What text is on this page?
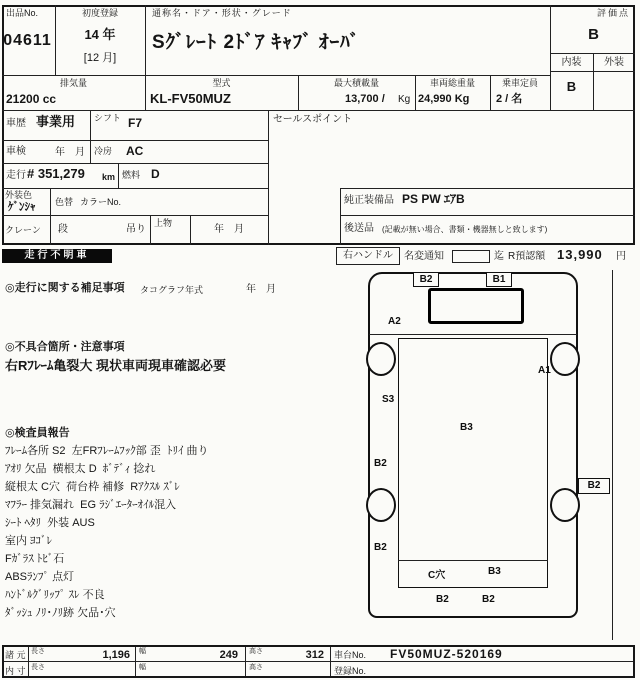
出品No.
04611
初度登録
14 年
[12 月]
通称名・ドア・形状・グレード
Sｸﾞﾚｰﾄ 2ﾄﾞｱ ｷｬﾌﾞ ｵｰﾊﾞ
評価点
B
内装	外装
B
排気量
21200 cc
型式
KL-FV50MUZ
最大積載量
13,700 / Kg
車両総重量
24,990 Kg
乗車定員
2 / 名
車歴 事業用 シフト F7
車検	年　月 冷房 AC
走行 # 351,279 km 燃料 D
外装色
ｹﾞﾝｼｬ 色替 カラーNo.
クレーン 段	吊り
上物
年　月
セールスポイント
純正装備品 PS PW ｴｱB
後送品 (記載が無い場合、書類・機器無しと致します)
走行不明車	右ハンドル	名変通知	迄 R預認額 13,990 円
◎走行に関する補足事項 タコグラフ年式	年　月
◎不具合箇所・注意事項
右Rﾌﾚｰﾑ亀裂大 現状車両現車確認必要
◎検査員報告
ﾌﾚｰﾑ各所 S2  左FRﾌﾚｰﾑﾌｯｸ部 歪  ﾄﾘｲ 曲り
ｱｵﾘ 欠品  横根太 D  ﾎﾞﾃﾞｨ 捻れ
縦根太 C穴  荷台枠 補修  Rｱｸｽﾙ ｽﾞﾚ
ﾏﾌﾗｰ 排気漏れ  EG ﾗｼﾞｴｰﾀｰｵｲﾙ混入
ｼｰﾄ ﾍﾀﾘ  外装 AUS
室内 ﾖｺﾞﾚ
Fｶﾞﾗｽ ﾄﾋﾞ石
ABSﾗﾝﾌﾟ 点灯
ﾊﾝﾄﾞﾙｸﾞﾘｯﾌﾟ ｽﾚ 不良
ﾀﾞｯｼｭ ﾉﾘ･ﾉﾘ跡 欠品･穴
B2	B1
A2
A1
S3
B3
B2
B2
B2
C穴	B3
B2	B2
諸 元
内 寸
長さ
長さ
1,196 幅
幅
249 高さ
高さ
312 車台No. FV50MUZ-520169
登録No.
